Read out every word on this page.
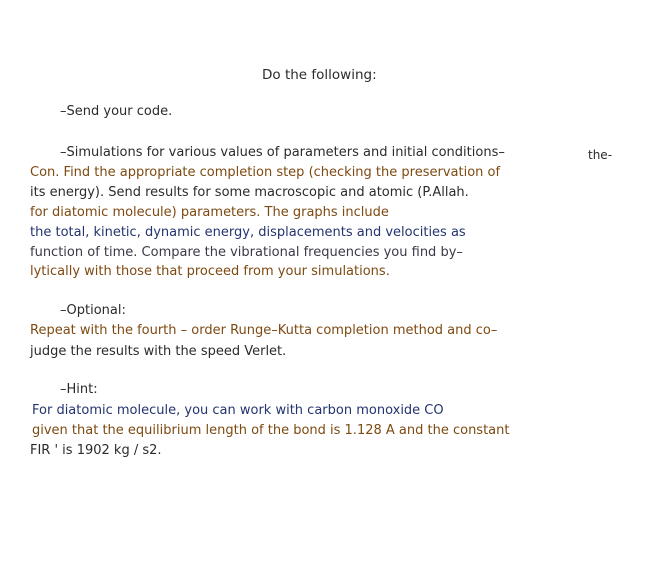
Do the following:
–Send your code.
–Simulations for various values of parameters and initial conditions–	the-
Con. Find the appropriate completion step (checking the preservation of
its energy). Send results for some macroscopic and atomic (P.Allah.
for diatomic molecule) parameters. The graphs include
the total, kinetic, dynamic energy, displacements and velocities as
function of time. Compare the vibrational frequencies you find by–
lytically with those that proceed from your simulations.
–Optional:
Repeat with the fourth – order Runge–Kutta completion method and co–
judge the results with the speed Verlet.
–Hint:
For diatomic molecule, you can work with carbon monoxide CO
given that the equilibrium length of the bond is 1.128 A and the constant
FIR ' is 1902 kg / s2.
